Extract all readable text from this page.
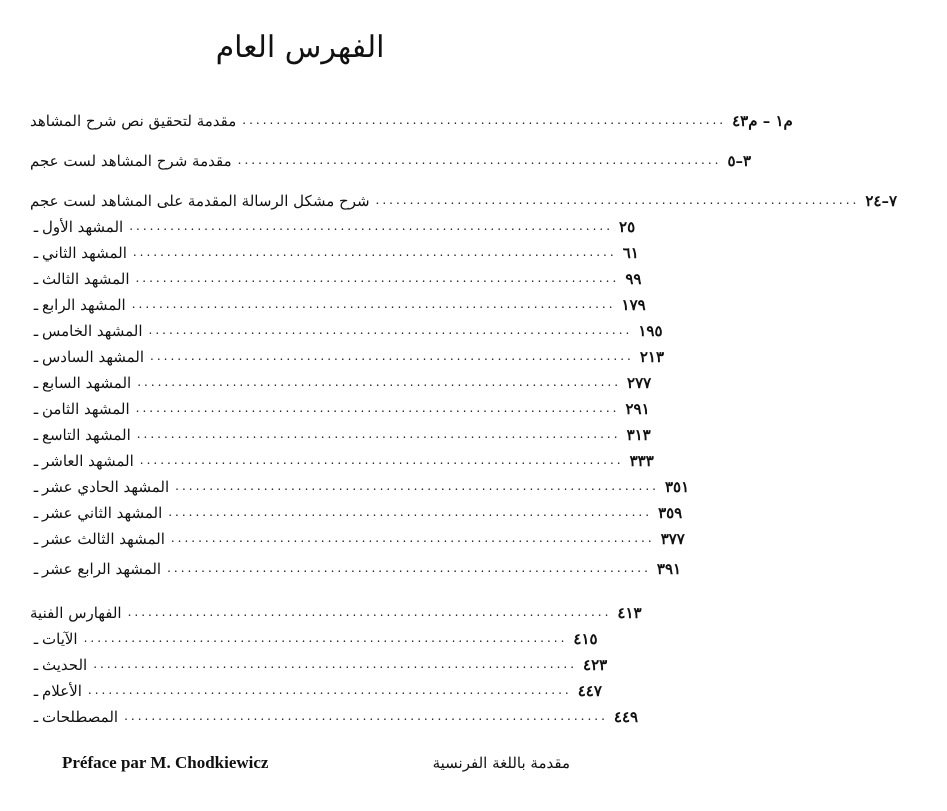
الفهرس العام
مقدمة لتحقيق نص شرح المشاهد ....................................................................... م١ – م٤٣
مقدمة شرح المشاهد لست عجم ....................................................................... ٣–٥
شرح مشكل الرسالة المقدمة على المشاهد لست عجم ....................................................................... ٧–٢٤
ـ المشهد الأول ....................................................................... ٢٥
ـ المشهد الثاني ....................................................................... ٦١
ـ المشهد الثالث ....................................................................... ٩٩
ـ المشهد الرابع ....................................................................... ١٧٩
ـ المشهد الخامس ....................................................................... ١٩٥
ـ المشهد السادس ....................................................................... ٢١٣
ـ المشهد السابع ....................................................................... ٢٧٧
ـ المشهد الثامن ....................................................................... ٢٩١
ـ المشهد التاسع ....................................................................... ٣١٣
ـ المشهد العاشر ....................................................................... ٣٣٣
ـ المشهد الحادي عشر ....................................................................... ٣٥١
ـ المشهد الثاني عشر ....................................................................... ٣٥٩
ـ المشهد الثالث عشر ....................................................................... ٣٧٧
ـ المشهد الرابع عشر ....................................................................... ٣٩١
الفهارس الفنية ....................................................................... ٤١٣
ـ الآيات ....................................................................... ٤١٥
ـ الحديث ....................................................................... ٤٢٣
ـ الأعلام ....................................................................... ٤٤٧
ـ المصطلحات ....................................................................... ٤٤٩
Préface par M. Chodkiewicz	مقدمة باللغة الفرنسية
